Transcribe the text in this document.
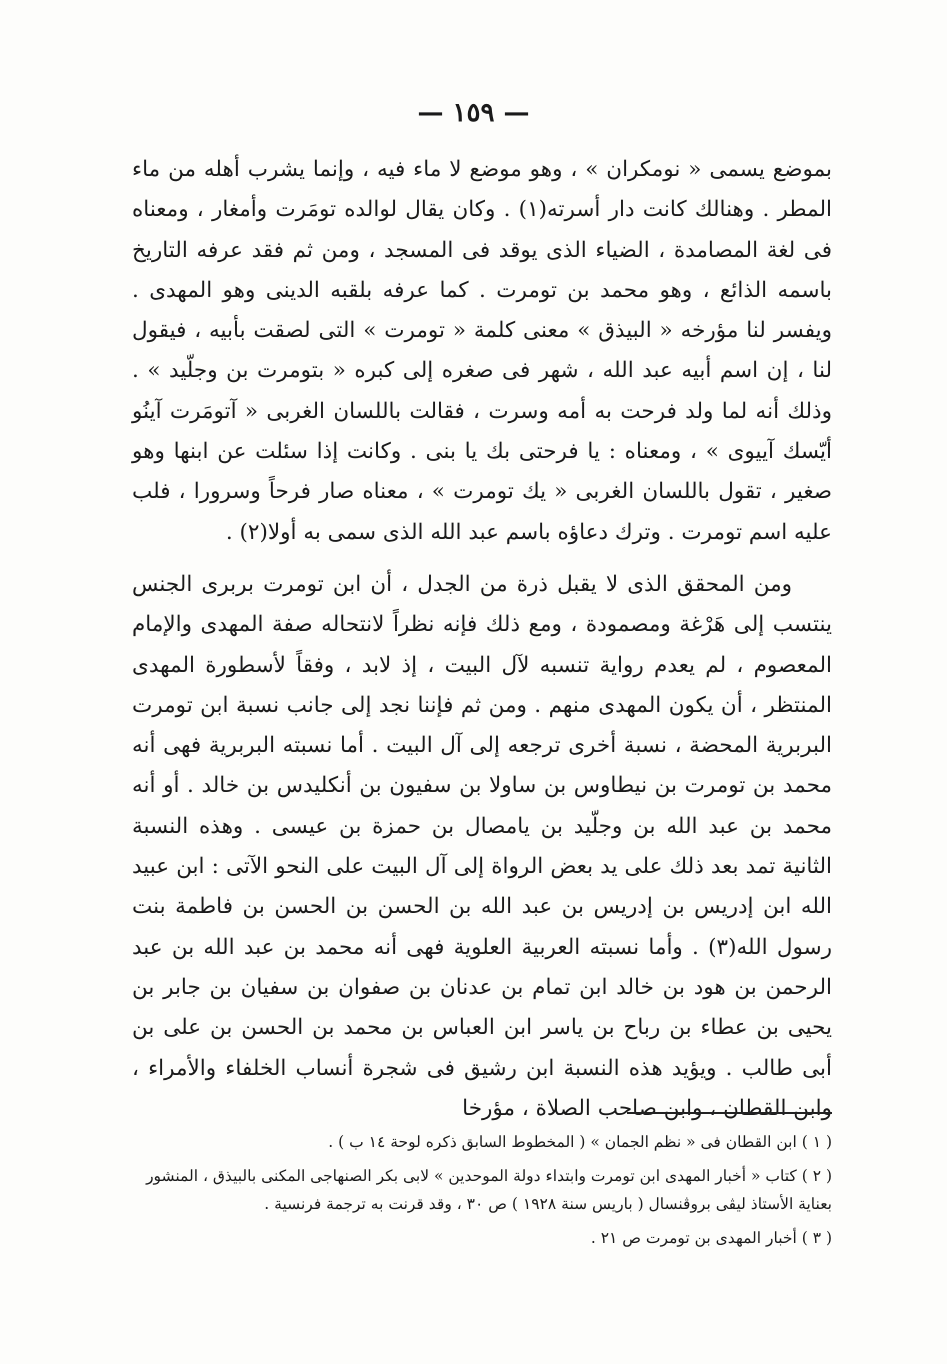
— ١٥٩ —

بموضع يسمى « نومكران » ، وهو موضع لا ماء فيه ، وإنما يشرب أهله من ماء المطر . وهنالك كانت دار أسرته(١) . وكان يقال لوالده تومَرت وأمغار ، ومعناه فى لغة المصامدة ، الضياء الذى يوقد فى المسجد ، ومن ثم فقد عرفه التاريخ باسمه الذائع ، وهو محمد بن تومرت . كما عرفه بلقبه الدينى وهو المهدى . ويفسر لنا مؤرخه « البيذق » معنى كلمة « تومرت » التى لصقت بأبيه ، فيقول لنا ، إن اسم أبيه عبد الله ، شهر فى صغره إلى كبره « بتومرت بن وجلّيد » . وذلك أنه لما ولد فرحت به أمه وسرت ، فقالت باللسان الغربى « آتومَرت آينُو أيّسك آييوى » ، ومعناه : يا فرحتى بك يا بنى . وكانت إذا سئلت عن ابنها وهو صغير ، تقول باللسان الغربى « يك تومرت » ، معناه صار فرحاً وسرورا ، فلب عليه اسم تومرت . وترك دعاؤه باسم عبد الله الذى سمى به أولا(٢) .

ومن المحقق الذى لا يقبل ذرة من الجدل ، أن ابن تومرت بربرى الجنس ينتسب إلى هَرْغة ومصمودة ، ومع ذلك فإنه نظراً لانتحاله صفة المهدى والإمام المعصوم ، لم يعدم رواية تنسبه لآل البيت ، إذ لابد ، وفقاً لأسطورة المهدى المنتظر ، أن يكون المهدى منهم . ومن ثم فإننا نجد إلى جانب نسبة ابن تومرت البربرية المحضة ، نسبة أخرى ترجعه إلى آل البيت . أما نسبته البربرية فهى أنه محمد بن تومرت بن نيطاوس بن ساولا بن سفيون بن أنكليدس بن خالد . أو أنه محمد بن عبد الله بن وجلّيد بن يامصال بن حمزة بن عيسى . وهذه النسبة الثانية تمد بعد ذلك على يد بعض الرواة إلى آل البيت على النحو الآتى : ابن عبيد الله ابن إدريس بن إدريس بن عبد الله بن الحسن بن الحسن بن فاطمة بنت رسول الله(٣) . وأما نسبته العربية العلوية فهى أنه محمد بن عبد الله بن عبد الرحمن بن هود بن خالد ابن تمام بن عدنان بن صفوان بن سفيان بن جابر بن يحيى بن عطاء بن رباح بن ياسر ابن العباس بن محمد بن الحسن بن على بن أبى طالب . ويؤيد هذه النسبة ابن رشيق فى شجرة أنساب الخلفاء والأمراء ، وابن القطان ، وابن صاحب الصلاة ، مؤرخا

( ١ ) ابن القطان فى « نظم الجمان » ( المخطوط السابق ذكره لوحة ١٤ ب ) .

( ٢ ) كتاب « أخبار المهدى ابن تومرت وابتداء دولة الموحدين » لابى بكر الصنهاجى المكنى بالبيذق ، المنشور بعناية الأستاذ ليڤى بروڤنسال ( باريس سنة ١٩٢٨ ) ص ٣٠ ، وقد قرنت به ترجمة فرنسية .

( ٣ ) أخبار المهدى بن تومرت ص ٢١ .
